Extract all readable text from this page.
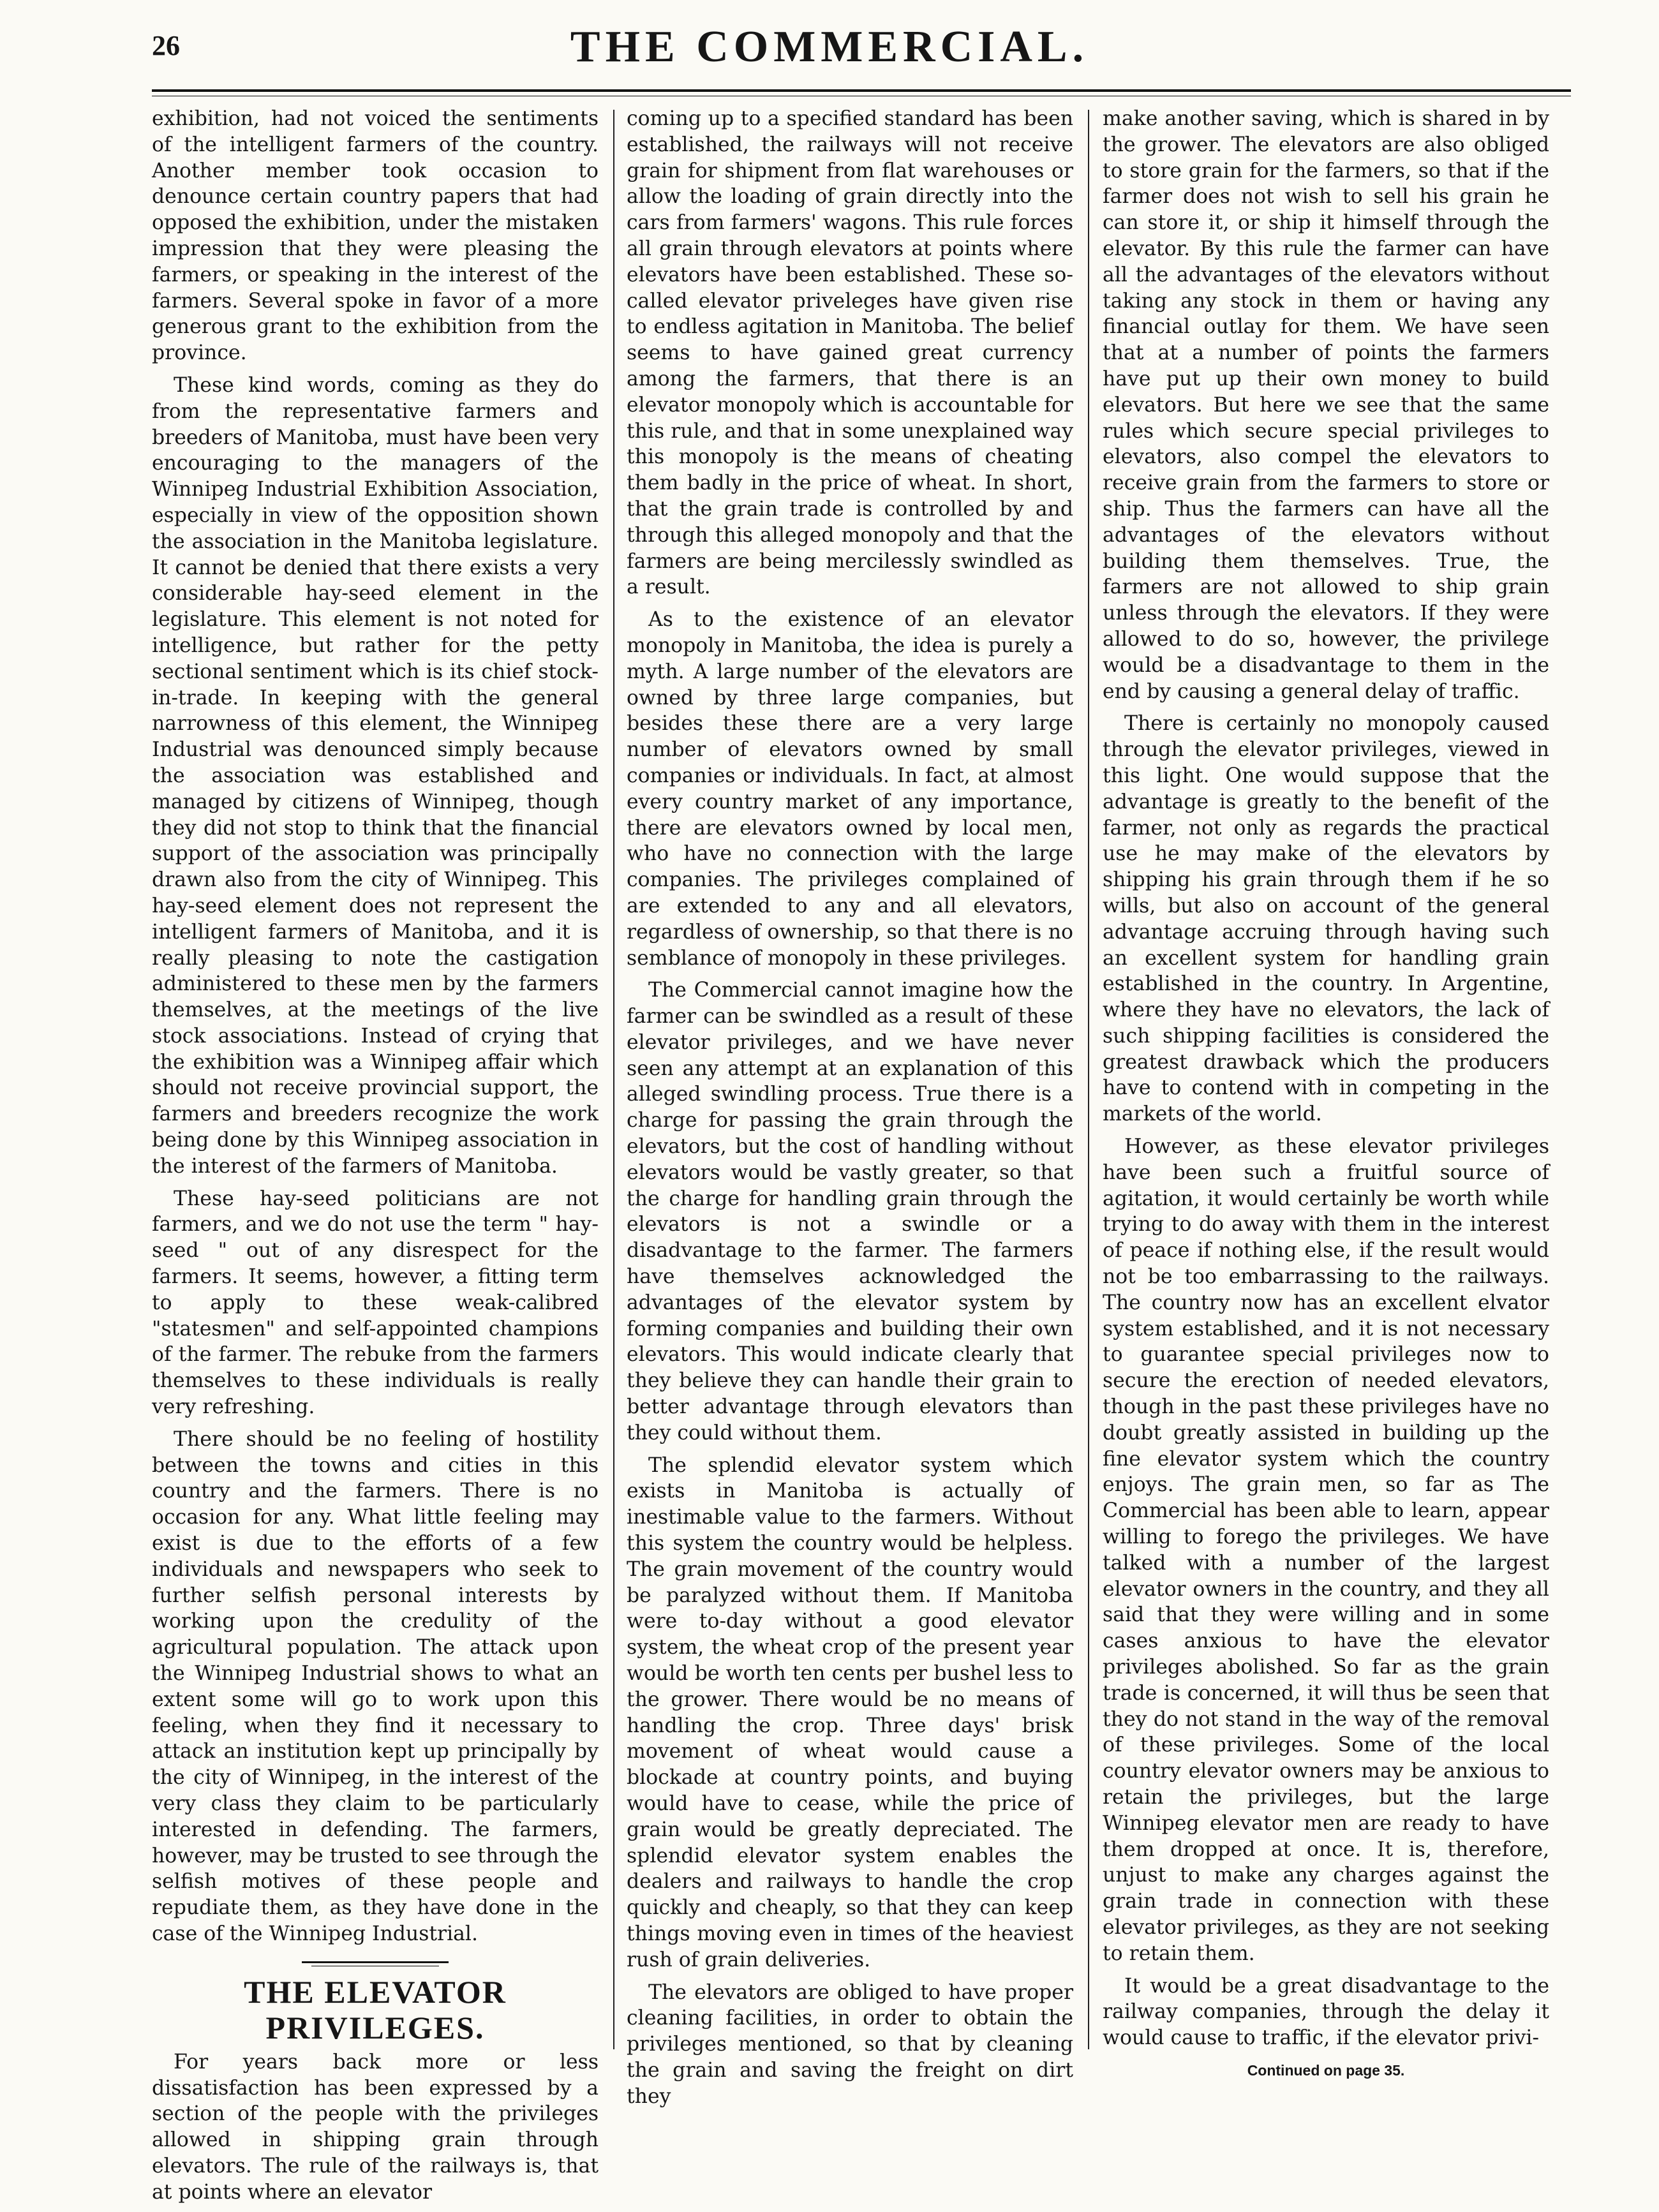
26	THE COMMERCIAL.

exhibition, had not voiced the sentiments of the intelligent farmers of the country. Another member took occasion to denounce certain country papers that had opposed the exhibition, under the mistaken impression that they were pleasing the farmers, or speaking in the interest of the farmers. Several spoke in favor of a more generous grant to the exhibition from the province.

These kind words, coming as they do from the representative farmers and breeders of Manitoba, must have been very encouraging to the managers of the Winnipeg Industrial Exhibition Association, especially in view of the opposition shown the association in the Manitoba legislature. It cannot be denied that there exists a very considerable hay-seed element in the legislature. This element is not noted for intelligence, but rather for the petty sectional sentiment which is its chief stock-in-trade. In keeping with the general narrowness of this element, the Winnipeg Industrial was denounced simply because the association was established and managed by citizens of Winnipeg, though they did not stop to think that the financial support of the association was principally drawn also from the city of Winnipeg. This hay-seed element does not represent the intelligent farmers of Manitoba, and it is really pleasing to note the castigation administered to these men by the farmers themselves, at the meetings of the live stock associations. Instead of crying that the exhibition was a Winnipeg affair which should not receive provincial support, the farmers and breeders recognize the work being done by this Winnipeg association in the interest of the farmers of Manitoba.

These hay-seed politicians are not farmers, and we do not use the term " hay-seed " out of any disrespect for the farmers. It seems, however, a fitting term to apply to these weak-calibred "statesmen" and self-appointed champions of the farmer. The rebuke from the farmers themselves to these individuals is really very refreshing.

There should be no feeling of hostility between the towns and cities in this country and the farmers. There is no occasion for any. What little feeling may exist is due to the efforts of a few individuals and newspapers who seek to further selfish personal interests by working upon the credulity of the agricultural population. The attack upon the Winnipeg Industrial shows to what an extent some will go to work upon this feeling, when they find it necessary to attack an institution kept up principally by the city of Winnipeg, in the interest of the very class they claim to be particularly interested in defending. The farmers, however, may be trusted to see through the selfish motives of these people and repudiate them, as they have done in the case of the Winnipeg Industrial.

THE ELEVATOR PRIVILEGES.

For years back more or less dissatisfaction has been expressed by a section of the people with the privileges allowed in shipping grain through elevators. The rule of the railways is, that at points where an elevator

coming up to a specified standard has been established, the railways will not receive grain for shipment from flat warehouses or allow the loading of grain directly into the cars from farmers' wagons. This rule forces all grain through elevators at points where elevators have been established. These so-called elevator priveleges have given rise to endless agitation in Manitoba. The belief seems to have gained great currency among the farmers, that there is an elevator monopoly which is accountable for this rule, and that in some unexplained way this monopoly is the means of cheating them badly in the price of wheat. In short, that the grain trade is controlled by and through this alleged monopoly and that the farmers are being mercilessly swindled as a result.

As to the existence of an elevator monopoly in Manitoba, the idea is purely a myth. A large number of the elevators are owned by three large companies, but besides these there are a very large number of elevators owned by small companies or individuals. In fact, at almost every country market of any importance, there are elevators owned by local men, who have no connection with the large companies. The privileges complained of are extended to any and all elevators, regardless of ownership, so that there is no semblance of monopoly in these privileges.

The Commercial cannot imagine how the farmer can be swindled as a result of these elevator privileges, and we have never seen any attempt at an explanation of this alleged swindling process. True there is a charge for passing the grain through the elevators, but the cost of handling without elevators would be vastly greater, so that the charge for handling grain through the elevators is not a swindle or a disadvantage to the farmer. The farmers have themselves acknowledged the advantages of the elevator system by forming companies and building their own elevators. This would indicate clearly that they believe they can handle their grain to better advantage through elevators than they could without them.

The splendid elevator system which exists in Manitoba is actually of inestimable value to the farmers. Without this system the country would be helpless. The grain movement of the country would be paralyzed without them. If Manitoba were to-day without a good elevator system, the wheat crop of the present year would be worth ten cents per bushel less to the grower. There would be no means of handling the crop. Three days' brisk movement of wheat would cause a blockade at country points, and buying would have to cease, while the price of grain would be greatly depreciated. The splendid elevator system enables the dealers and railways to handle the crop quickly and cheaply, so that they can keep things moving even in times of the heaviest rush of grain deliveries.

The elevators are obliged to have proper cleaning facilities, in order to obtain the privileges mentioned, so that by cleaning the grain and saving the freight on dirt they

make another saving, which is shared in by the grower. The elevators are also obliged to store grain for the farmers, so that if the farmer does not wish to sell his grain he can store it, or ship it himself through the elevator. By this rule the farmer can have all the advantages of the elevators without taking any stock in them or having any financial outlay for them. We have seen that at a number of points the farmers have put up their own money to build elevators. But here we see that the same rules which secure special privileges to elevators, also compel the elevators to receive grain from the farmers to store or ship. Thus the farmers can have all the advantages of the elevators without building them themselves. True, the farmers are not allowed to ship grain unless through the elevators. If they were allowed to do so, however, the privilege would be a disadvantage to them in the end by causing a general delay of traffic.

There is certainly no monopoly caused through the elevator privileges, viewed in this light. One would suppose that the advantage is greatly to the benefit of the farmer, not only as regards the practical use he may make of the elevators by shipping his grain through them if he so wills, but also on account of the general advantage accruing through having such an excellent system for handling grain established in the country. In Argentine, where they have no elevators, the lack of such shipping facilities is considered the greatest drawback which the producers have to contend with in competing in the markets of the world.

However, as these elevator privileges have been such a fruitful source of agitation, it would certainly be worth while trying to do away with them in the interest of peace if nothing else, if the result would not be too embarrassing to the railways. The country now has an excellent elvator system established, and it is not necessary to guarantee special privileges now to secure the erection of needed elevators, though in the past these privileges have no doubt greatly assisted in building up the fine elevator system which the country enjoys. The grain men, so far as The Commercial has been able to learn, appear willing to forego the privileges. We have talked with a number of the largest elevator owners in the country, and they all said that they were willing and in some cases anxious to have the elevator privileges abolished. So far as the grain trade is concerned, it will thus be seen that they do not stand in the way of the removal of these privileges. Some of the local country elevator owners may be anxious to retain the privileges, but the large Winnipeg elevator men are ready to have them dropped at once. It is, therefore, unjust to make any charges against the grain trade in connection with these elevator privileges, as they are not seeking to retain them.

It would be a great disadvantage to the railway companies, through the delay it would cause to traffic, if the elevator privi-

Continued on page 35.
